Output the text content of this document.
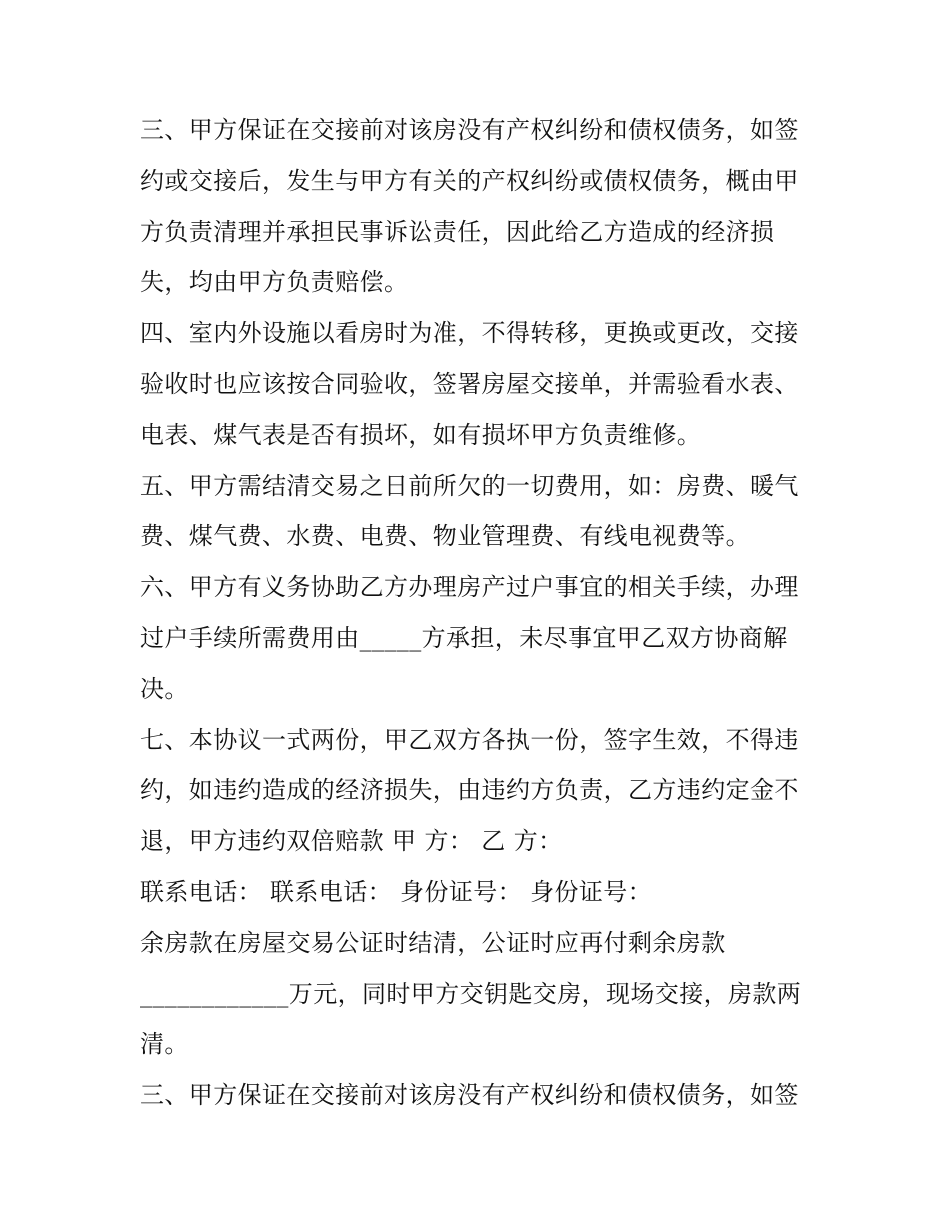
三、甲方保证在交接前对该房没有产权纠纷和债权债务，如签
约或交接后，发生与甲方有关的产权纠纷或债权债务，概由甲
方负责清理并承担民事诉讼责任，因此给乙方造成的经济损
失，均由甲方负责赔偿。
四、室内外设施以看房时为准，不得转移，更换或更改，交接
验收时也应该按合同验收，签署房屋交接单，并需验看水表、
电表、煤气表是否有损坏，如有损坏甲方负责维修。
五、甲方需结清交易之日前所欠的一切费用，如：房费、暖气
费、煤气费、水费、电费、物业管理费、有线电视费等。
六、甲方有义务协助乙方办理房产过户事宜的相关手续，办理
过户手续所需费用由_____方承担，未尽事宜甲乙双方协商解
决。
七、本协议一式两份，甲乙双方各执一份，签字生效，不得违
约，如违约造成的经济损失，由违约方负责，乙方违约定金不
退，甲方违约双倍赔款 甲 方： 乙 方：
联系电话： 联系电话： 身份证号： 身份证号：
余房款在房屋交易公证时结清，公证时应再付剩余房款
____________万元，同时甲方交钥匙交房，现场交接，房款两
清。
三、甲方保证在交接前对该房没有产权纠纷和债权债务，如签
